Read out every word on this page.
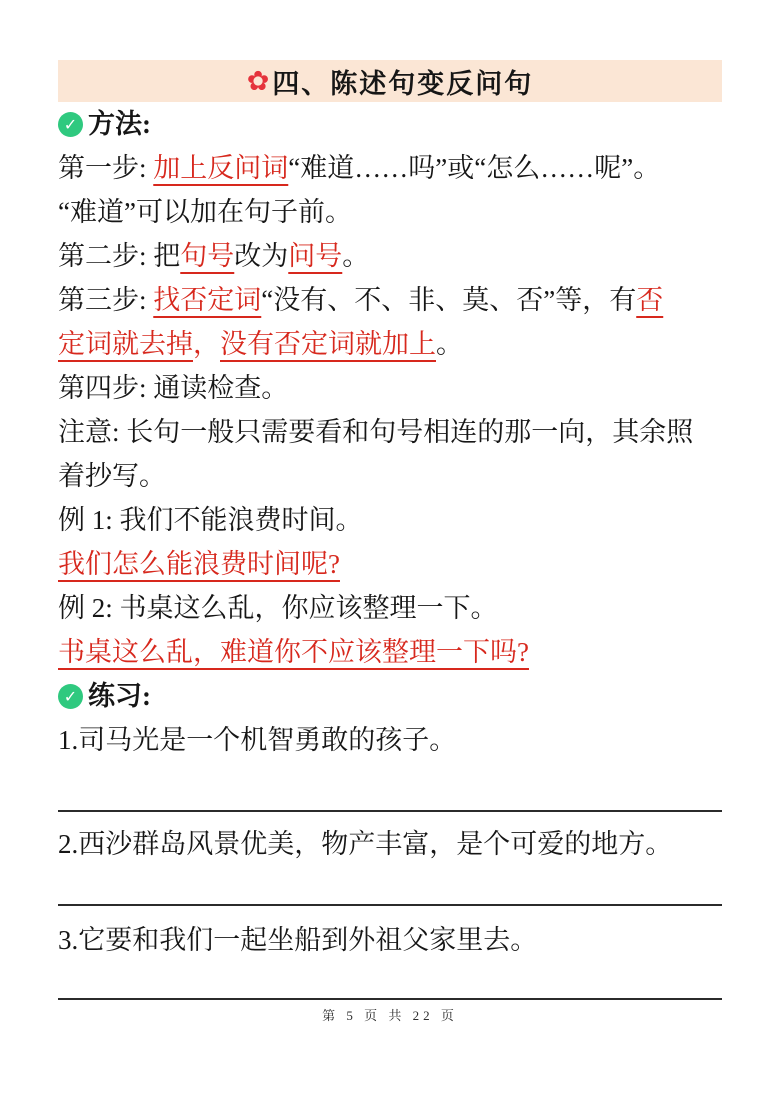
✿ 四、陈述句变反问句
✓ 方法:
第一步: 加上反问词“难道……吗”或“怎么……呢”。
“难道”可以加在句子前。
第二步: 把句号改为问号。
第三步: 找否定词“没有、不、非、莫、否”等，有否
定词就去掉，没有否定词就加上。
第四步: 通读检查。
注意: 长句一般只需要看和句号相连的那一向，其余照
着抄写。
例 1: 我们不能浪费时间。
我们怎么能浪费时间呢?
例 2: 书桌这么乱，你应该整理一下。
书桌这么乱，难道你不应该整理一下吗?
✓ 练习:
1.司马光是一个机智勇敢的孩子。
2.西沙群岛风景优美，物产丰富，是个可爱的地方。
3.它要和我们一起坐船到外祖父家里去。
第 5 页 共 22 页
